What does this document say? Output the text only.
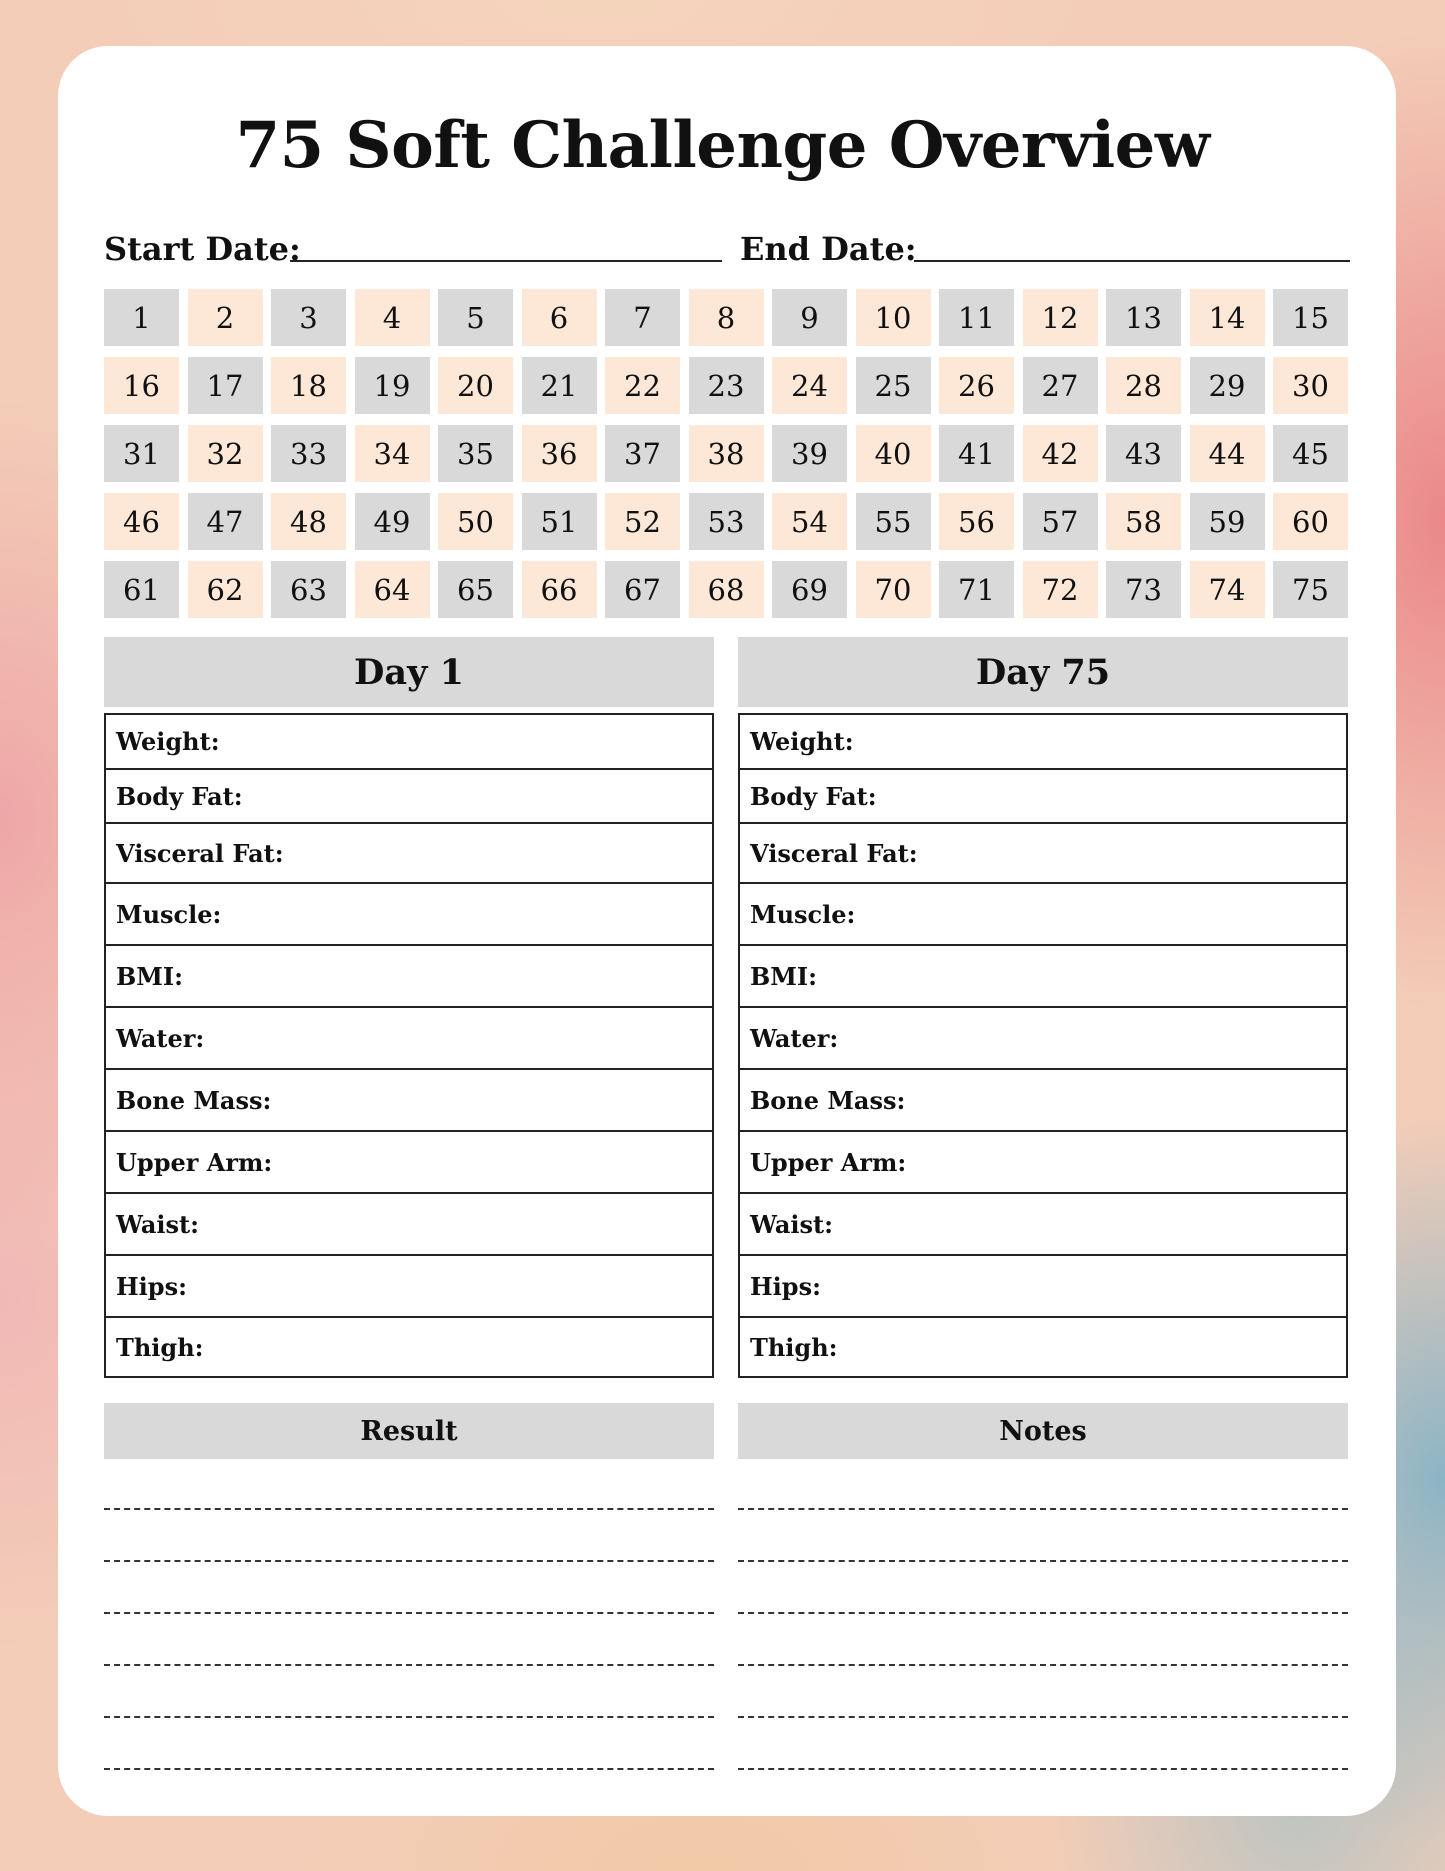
75 Soft Challenge Overview
Start Date:	End Date:
1	2	3	4	5	6	7	8	9	10	11	12	13	14	15
16	17	18	19	20	21	22	23	24	25	26	27	28	29	30
31	32	33	34	35	36	37	38	39	40	41	42	43	44	45
46	47	48	49	50	51	52	53	54	55	56	57	58	59	60
61	62	63	64	65	66	67	68	69	70	71	72	73	74	75
Day 1
Weight:
Body Fat:
Visceral Fat:
Muscle:
BMI:
Water:
Bone Mass:
Upper Arm:
Waist:
Hips:
Thigh:
Day 75
Weight:
Body Fat:
Visceral Fat:
Muscle:
BMI:
Water:
Bone Mass:
Upper Arm:
Waist:
Hips:
Thigh:
Result	Notes
